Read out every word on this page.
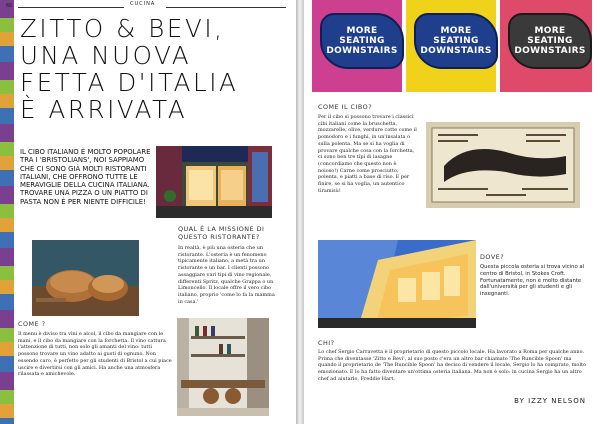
66	CUCINA
ZITTO & BEVI,
UNA NUOVA
FETTA D'ITALIA
È ARRIVATA
IL CIBO ITALIANO È MOLTO POPOLARE TRA I 'BRISTOLIANS', NOI SAPPIAMO CHE CI SONO GIÀ MOLTI RISTORANTI ITALIANI, CHE OFFRONO TUTTE LE MERAVIGLIE DELLA CUCINA ITALIANA. TROVARE UNA PIZZA O UN PIATTO DI PASTA NON È PER NIENTE DIFFICILE!
QUAL È LA MISSIONE DI QUESTO RISTORANTE?
In realtà, è più una osteria che un ristorante. L'osteria è un fenomeno tipicamente italiano, a metà tra un ristorante e un bar. I clienti possono assaggiare vari tipi di vino regionale, differenti Spritz, qualche Grappa o un Limoncello. Il locale offre il vero cibo italiano, proprio 'come lo fa la mamma in casa.'
COME ?
Il menu è diviso tra vini e alcol, il cibo da mangiare con le mani, e il cibo da mangiare con la forchetta. Il vino cattura l'attenzione di tutti, non solo gli amanti del vino: tutti possono trovare un vino adatto ai gusti di ognuno. Non essendo caro, è perfetto per gli studenti di Bristol a cui piace uscire e divertirsi con gli amici. Ha anche una atmosfera rilassata e amichevole.
MORE
SEATING
DOWNSTAIRS
MORE
SEATING
DOWNSTAIRS
MORE
SEATING
DOWNSTAIRS
COME IL CIBO?
Per il cibo si possono trovare i classici cibi italiani come la bruschetta, mozzarelle, olive, verdure cotte come il pomodoro e i funghi, in un'insalata o sulla polenta. Ma se si ha voglia di provare qualche cosa con la forchetta, ci sono ben tre tipi di lasagne (concordiamo che questo non è noioso!) Carne come prosciutto, polenta, e piatti a base di riso. E per finire, se si ha voglia, un autentico tiramisù!
DOVE?
Questa piccola osteria si trova vicino al centro di Bristol, in Stokes Croft. Fortunatamente, non è molto distante dall'università per gli studenti e gli insegnanti.
CHI?
Lo chef Sergio Carravetta è il proprietario di questo piccolo locale. Ha lavorato a Roma per qualche anno. Prima che diventasse 'Zitto e Bevi', al suo posto c'era un altro bar chiamato 'The Runcible Spoon' ma quando il proprietario de 'The Runcible Spoon' ha deciso di vendere il locale, Sergio lo ha comprato, molto emozionato. E lo ha fatto diventare un'ottima osteria italiana. Ma non è solo: in cucina Sergio ha un altro chef ad aiutarlo, Freddie Hart.
BY IZZY NELSON
